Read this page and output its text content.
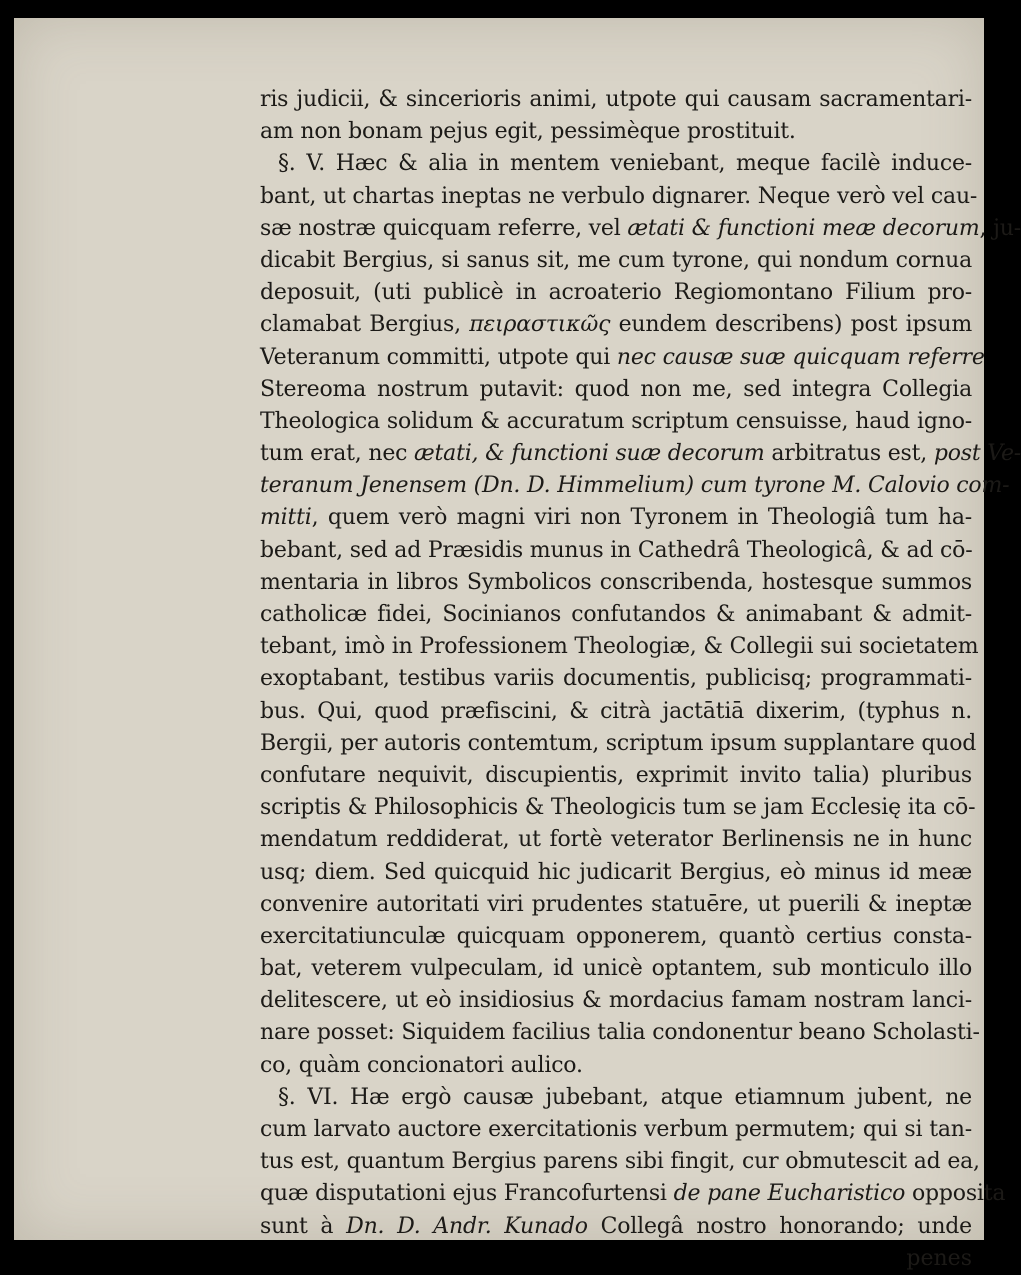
ris judicii, & sincerioris animi, utpote qui causam sacramentari-
am non bonam pejus egit, pessimèque prostituit.
§. V. Hæc & alia in mentem veniebant, meque facilè induce-
bant, ut chartas ineptas ne verbulo dignarer. Neque verò vel cau-
sæ nostræ quicquam referre, vel ætati & functioni meæ decorum, ju-
dicabit Bergius, si sanus sit, me cum tyrone, qui nondum cornua
deposuit, (uti publicè in acroaterio Regiomontano Filium pro-
clamabat Bergius, πειραστικῶς eundem describens) post ipsum
Veteranum committi, utpote qui nec causæ suæ quicquam referre
Stereoma nostrum putavit: quod non me, sed integra Collegia
Theologica solidum & accuratum scriptum censuisse, haud igno-
tum erat, nec ætati, & functioni suæ decorum arbitratus est, post Ve-
teranum Jenensem (Dn. D. Himmelium) cum tyrone M. Calovio com-
mitti, quem verò magni viri non Tyronem in Theologiâ tum ha-
bebant, sed ad Præsidis munus in Cathedrâ Theologicâ, & ad cō-
mentaria in libros Symbolicos conscribenda, hostesque summos
catholicæ fidei, Socinianos confutandos & animabant & admit-
tebant, imò in Professionem Theologiæ, & Collegii sui societatem
exoptabant, testibus variis documentis, publicisq; programmati-
bus. Qui, quod præfiscini, & citrà jactātiā dixerim, (typhus n.
Bergii, per autoris contemtum, scriptum ipsum supplantare quod
confutare nequivit, discupientis, exprimit invito talia) pluribus
scriptis & Philosophicis & Theologicis tum se jam Ecclesię ita cō-
mendatum reddiderat, ut fortè veterator Berlinensis ne in hunc
usq; diem. Sed quicquid hic judicarit Bergius, eò minus id meæ
convenire autoritati viri prudentes statuēre, ut puerili & ineptæ
exercitatiunculæ quicquam opponerem, quantò certius consta-
bat, veterem vulpeculam, id unicè optantem, sub monticulo illo
delitescere, ut eò insidiosius & mordacius famam nostram lanci-
nare posset: Siquidem facilius talia condonentur beano Scholasti-
co, quàm concionatori aulico.
§. VI. Hæ ergò causæ jubebant, atque etiamnum jubent, ne
cum larvato auctore exercitationis verbum permutem; qui si tan-
tus est, quantum Bergius parens sibi fingit, cur obmutescit ad ea,
quæ disputationi ejus Francofurtensi de pane Eucharistico opposita
sunt à Dn. D. Andr. Kunado Collegâ nostro honorando; unde
penes
